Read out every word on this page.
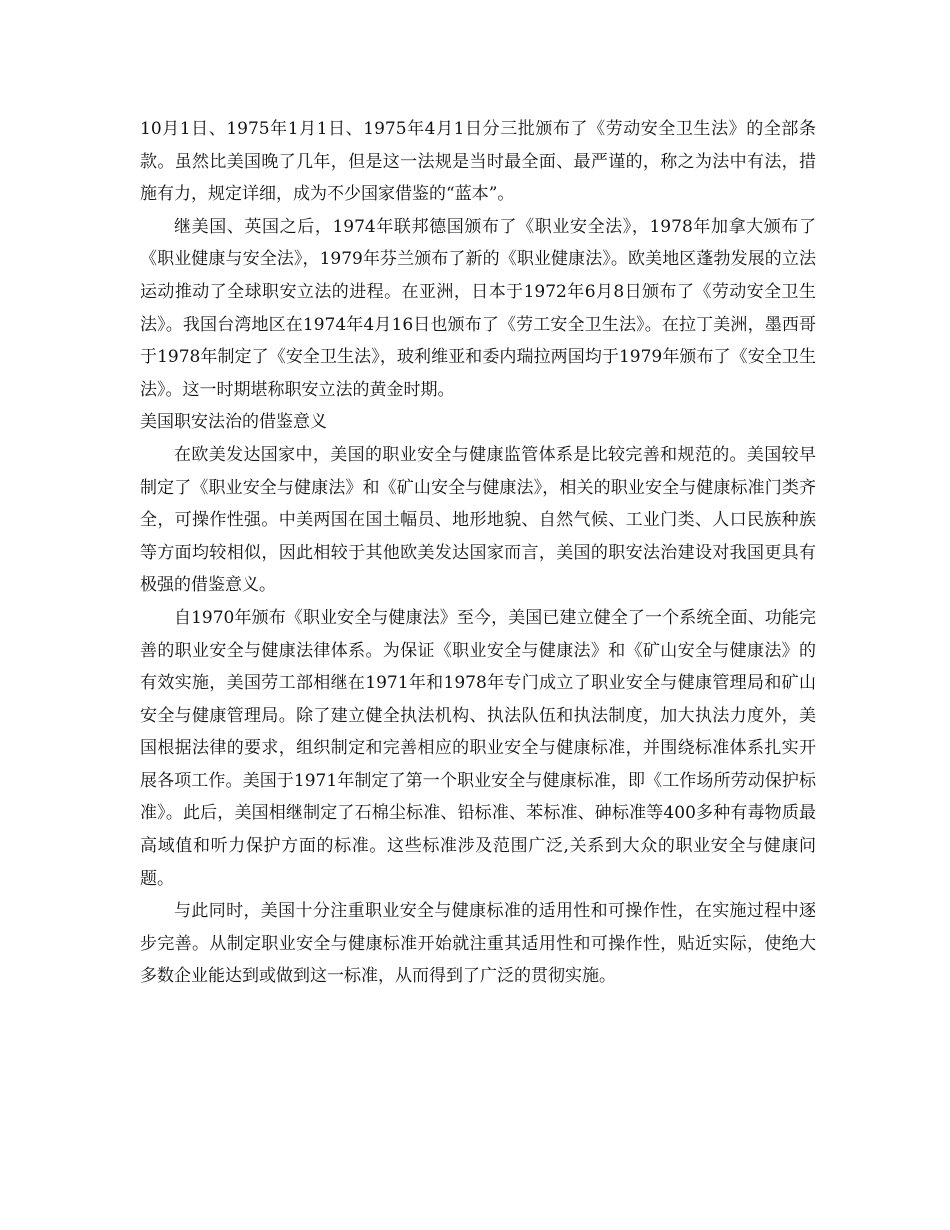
10月1日、1975年1月1日、1975年4月1日分三批颁布了《劳动安全卫生法》的全部条款。虽然比美国晚了几年，但是这一法规是当时最全面、最严谨的，称之为法中有法，措施有力，规定详细，成为不少国家借鉴的“蓝本”。

继美国、英国之后，1974年联邦德国颁布了《职业安全法》，1978年加拿大颁布了《职业健康与安全法》，1979年芬兰颁布了新的《职业健康法》。欧美地区蓬勃发展的立法运动推动了全球职安立法的进程。在亚洲，日本于1972年6月8日颁布了《劳动安全卫生法》。我国台湾地区在1974年4月16日也颁布了《劳工安全卫生法》。在拉丁美洲，墨西哥于1978年制定了《安全卫生法》，玻利维亚和委内瑞拉两国均于1979年颁布了《安全卫生法》。这一时期堪称职安立法的黄金时期。

美国职安法治的借鉴意义

在欧美发达国家中，美国的职业安全与健康监管体系是比较完善和规范的。美国较早制定了《职业安全与健康法》和《矿山安全与健康法》，相关的职业安全与健康标准门类齐全，可操作性强。中美两国在国土幅员、地形地貌、自然气候、工业门类、人口民族种族等方面均较相似，因此相较于其他欧美发达国家而言，美国的职安法治建设对我国更具有极强的借鉴意义。

自1970年颁布《职业安全与健康法》至今，美国已建立健全了一个系统全面、功能完善的职业安全与健康法律体系。为保证《职业安全与健康法》和《矿山安全与健康法》的有效实施，美国劳工部相继在1971年和1978年专门成立了职业安全与健康管理局和矿山安全与健康管理局。除了建立健全执法机构、执法队伍和执法制度，加大执法力度外，美国根据法律的要求，组织制定和完善相应的职业安全与健康标准，并围绕标准体系扎实开展各项工作。美国于1971年制定了第一个职业安全与健康标准，即《工作场所劳动保护标准》。此后，美国相继制定了石棉尘标准、铅标准、苯标准、砷标准等400多种有毒物质最高域值和听力保护方面的标准。这些标准涉及范围广泛,关系到大众的职业安全与健康问题。

与此同时，美国十分注重职业安全与健康标准的适用性和可操作性，在实施过程中逐步完善。从制定职业安全与健康标准开始就注重其适用性和可操作性，贴近实际，使绝大多数企业能达到或做到这一标准，从而得到了广泛的贯彻实施。
